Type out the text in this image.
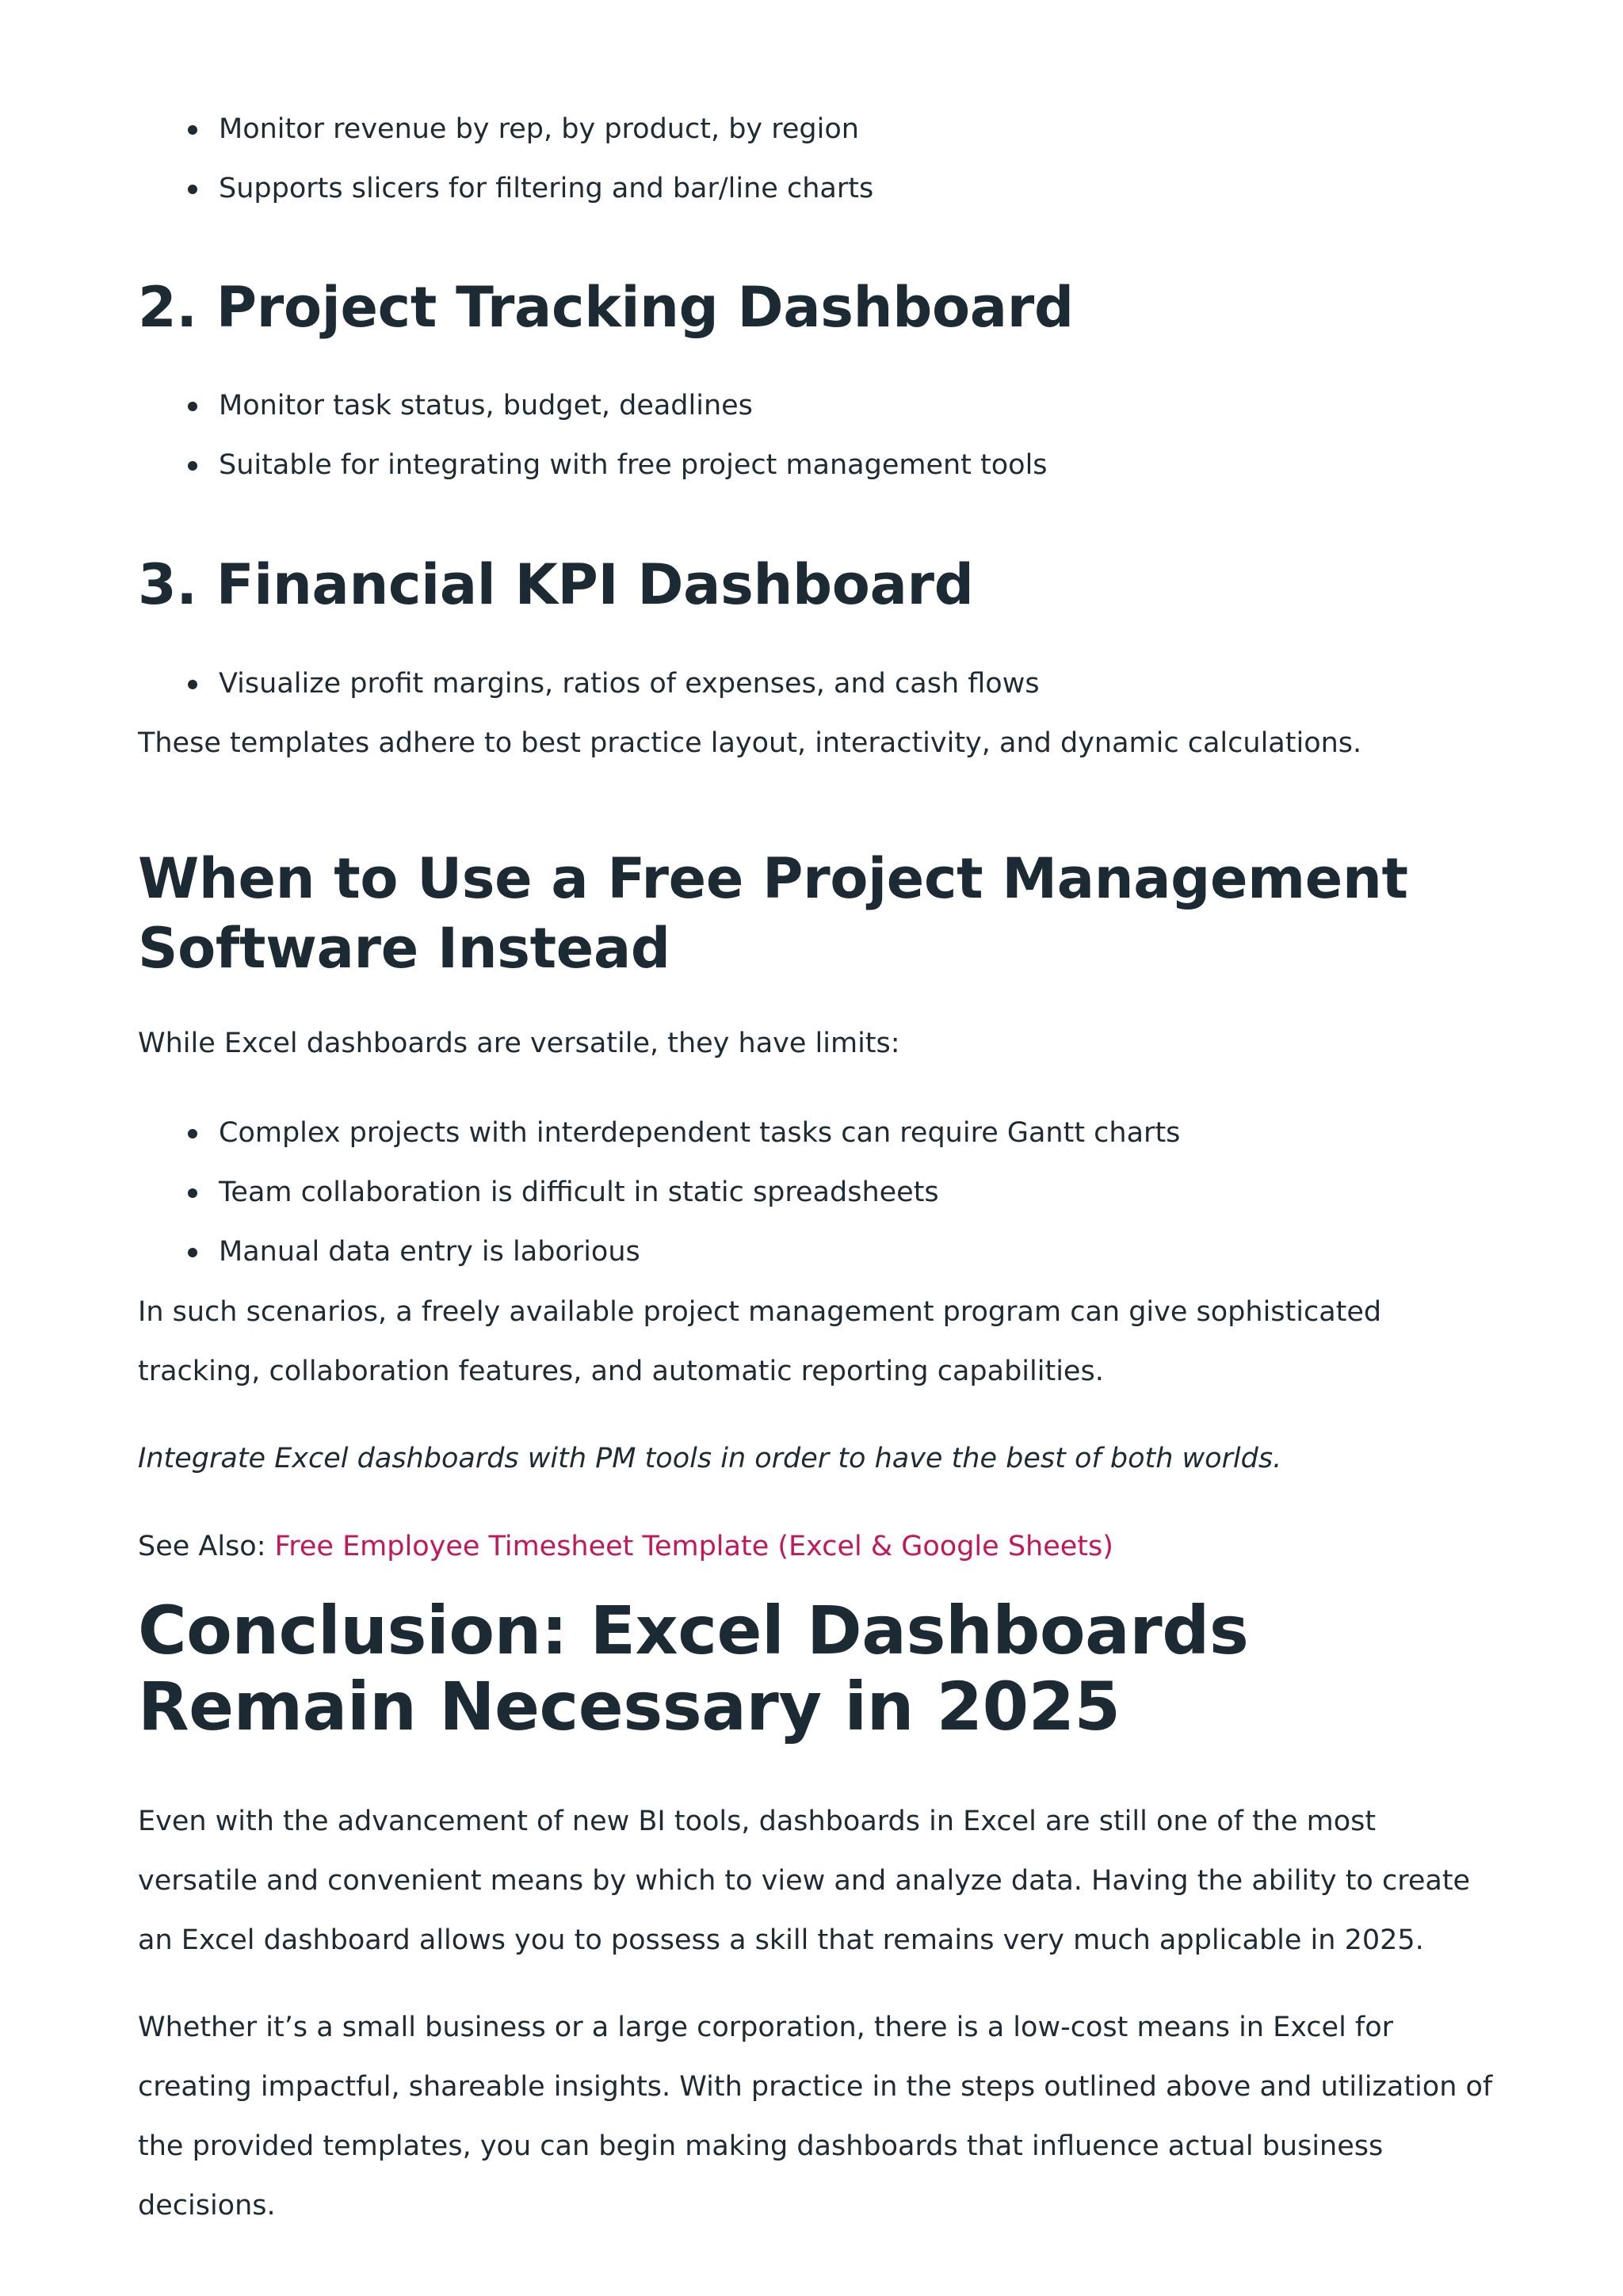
Monitor revenue by rep, by product, by region
Supports slicers for filtering and bar/line charts
2. Project Tracking Dashboard
Monitor task status, budget, deadlines
Suitable for integrating with free project management tools
3. Financial KPI Dashboard
Visualize profit margins, ratios of expenses, and cash flows

These templates adhere to best practice layout, interactivity, and dynamic calculations.

When to Use a Free Project Management Software Instead

While Excel dashboards are versatile, they have limits:

Complex projects with interdependent tasks can require Gantt charts
Team collaboration is difficult in static spreadsheets
Manual data entry is laborious

In such scenarios, a freely available project management program can give sophisticated tracking, collaboration features, and automatic reporting capabilities.

Integrate Excel dashboards with PM tools in order to have the best of both worlds.

See Also: Free Employee Timesheet Template (Excel & Google Sheets)

Conclusion: Excel Dashboards Remain Necessary in 2025

Even with the advancement of new BI tools, dashboards in Excel are still one of the most versatile and convenient means by which to view and analyze data. Having the ability to create an Excel dashboard allows you to possess a skill that remains very much applicable in 2025.

Whether it’s a small business or a large corporation, there is a low-cost means in Excel for creating impactful, shareable insights. With practice in the steps outlined above and utilization of the provided templates, you can begin making dashboards that influence actual business decisions.
